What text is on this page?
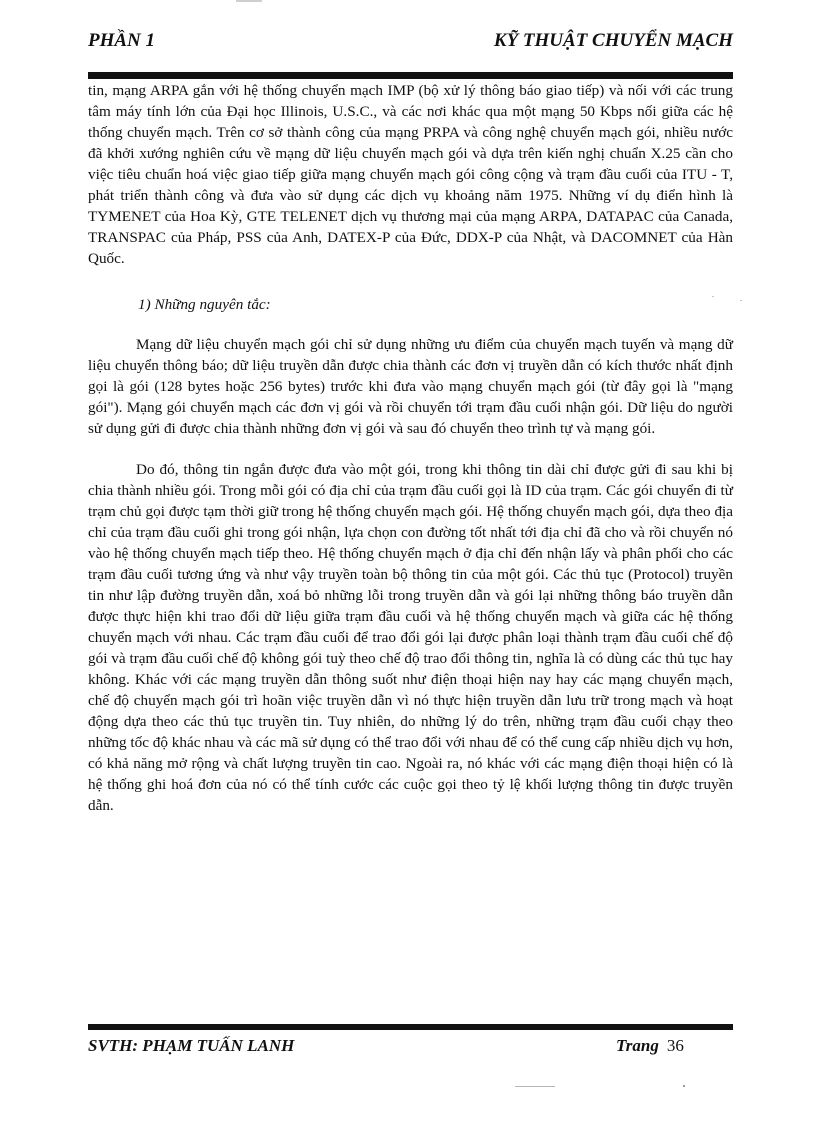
PHẦN 1	KỸ THUẬT CHUYỂN MẠCH

tin, mạng ARPA gắn với hệ thống chuyển mạch IMP (bộ xử lý thông báo giao tiếp) và nối với các trung tâm máy tính lớn của Đại học Illinois, U.S.C., và các nơi khác qua một mạng 50 Kbps nối giữa các hệ thống chuyển mạch. Trên cơ sở thành công của mạng PRPA và công nghệ chuyển mạch gói, nhiều nước đã khởi xướng nghiên cứu về mạng dữ liệu chuyển mạch gói và dựa trên kiến nghị chuẩn X.25 cần cho việc tiêu chuẩn hoá việc giao tiếp giữa mạng chuyển mạch gói công cộng và trạm đầu cuối của ITU - T, phát triển thành công và đưa vào sử dụng các dịch vụ khoảng năm 1975. Những ví dụ điển hình là TYMENET của Hoa Kỳ, GTE TELENET dịch vụ thương mại của mạng ARPA, DATAPAC của Canada, TRANSPAC của Pháp, PSS của Anh, DATEX-P của Đức, DDX-P của Nhật, và DACOMNET của Hàn Quốc.

1) Những nguyên tắc:

Mạng dữ liệu chuyển mạch gói chỉ sử dụng những ưu điểm của chuyển mạch tuyến và mạng dữ liệu chuyển thông báo; dữ liệu truyền dẫn được chia thành các đơn vị truyền dẫn có kích thước nhất định gọi là gói (128 bytes hoặc 256 bytes) trước khi đưa vào mạng chuyển mạch gói (từ đây gọi là "mạng gói"). Mạng gói chuyển mạch các đơn vị gói và rồi chuyển tới trạm đầu cuối nhận gói. Dữ liệu do người sử dụng gửi đi được chia thành những đơn vị gói và sau đó chuyển theo trình tự và mạng gói.

Do đó, thông tin ngắn được đưa vào một gói, trong khi thông tin dài chỉ được gửi đi sau khi bị chia thành nhiều gói. Trong mỗi gói có địa chỉ của trạm đầu cuối gọi là ID của trạm. Các gói chuyển đi từ trạm chủ gọi được tạm thời giữ trong hệ thống chuyển mạch gói. Hệ thống chuyển mạch gói, dựa theo địa chỉ của trạm đầu cuối ghi trong gói nhận, lựa chọn con đường tốt nhất tới địa chỉ đã cho và rồi chuyển nó vào hệ thống chuyển mạch tiếp theo. Hệ thống chuyển mạch ở địa chỉ đến nhận lấy và phân phối cho các trạm đầu cuối tương ứng và như vậy truyền toàn bộ thông tin của một gói. Các thủ tục (Protocol) truyền tin như lập đường truyền dẫn, xoá bỏ những lỗi trong truyền dẫn và gói lại những thông báo truyền dẫn được thực hiện khi trao đổi dữ liệu giữa trạm đầu cuối và hệ thống chuyển mạch và giữa các hệ thống chuyển mạch với nhau. Các trạm đầu cuối để trao đổi gói lại được phân loại thành trạm đầu cuối chế độ gói và trạm đầu cuối chế độ không gói tuỳ theo chế độ trao đổi thông tin, nghĩa là có dùng các thủ tục hay không. Khác với các mạng truyền dẫn thông suốt như điện thoại hiện nay hay các mạng chuyển mạch, chế độ chuyển mạch gói trì hoãn việc truyền dẫn vì nó thực hiện truyền dẫn lưu trữ trong mạch và hoạt động dựa theo các thủ tục truyền tin. Tuy nhiên, do những lý do trên, những trạm đầu cuối chạy theo những tốc độ khác nhau và các mã sử dụng có thể trao đổi với nhau để có thể cung cấp nhiều dịch vụ hơn, có khả năng mở rộng và chất lượng truyền tin cao. Ngoài ra, nó khác với các mạng điện thoại hiện có là hệ thống ghi hoá đơn của nó có thể tính cước các cuộc gọi theo tỷ lệ khối lượng thông tin được truyền dẫn.

SVTH: PHẠM TUẤN LANH	Trang 36
